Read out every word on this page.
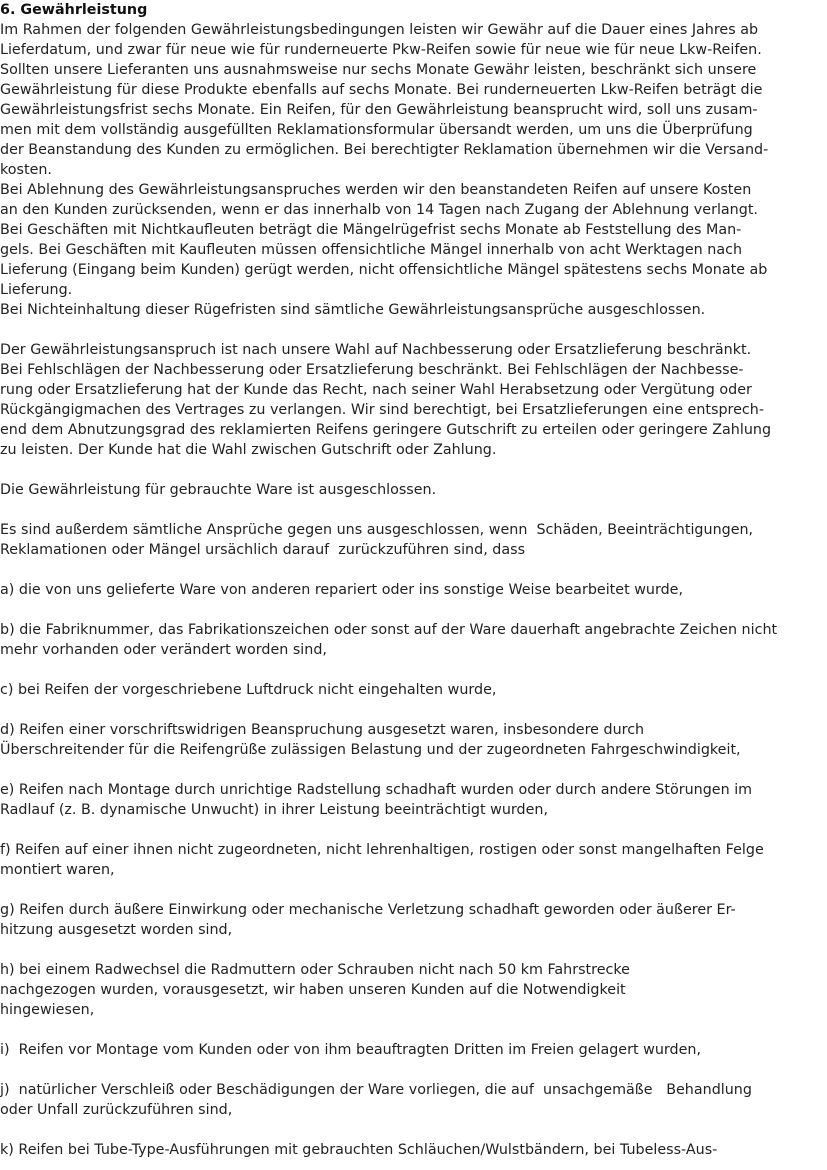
6. Gewährleistung
Im Rahmen der folgenden Gewährleistungsbedingungen leisten wir Gewähr auf die Dauer eines Jahres ab
Lieferdatum, und zwar für neue wie für runderneuerte Pkw-Reifen sowie für neue wie für neue Lkw-Reifen.
Sollten unsere Lieferanten uns ausnahmsweise nur sechs Monate Gewähr leisten, beschränkt sich unsere
Gewährleistung für diese Produkte ebenfalls auf sechs Monate. Bei runderneuerten Lkw-Reifen beträgt die
Gewährleistungsfrist sechs Monate. Ein Reifen, für den Gewährleistung beansprucht wird, soll uns zusam-
men mit dem vollständig ausgefüllten Reklamationsformular übersandt werden, um uns die Überprüfung
der Beanstandung des Kunden zu ermöglichen. Bei berechtigter Reklamation übernehmen wir die Versand-
kosten.
Bei Ablehnung des Gewährleistungsanspruches werden wir den beanstandeten Reifen auf unsere Kosten
an den Kunden zurücksenden, wenn er das innerhalb von 14 Tagen nach Zugang der Ablehnung verlangt.
Bei Geschäften mit Nichtkaufleuten beträgt die Mängelrügefrist sechs Monate ab Feststellung des Man-
gels. Bei Geschäften mit Kaufleuten müssen offensichtliche Mängel innerhalb von acht Werktagen nach
Lieferung (Eingang beim Kunden) gerügt werden, nicht offensichtliche Mängel spätestens sechs Monate ab
Lieferung.
Bei Nichteinhaltung dieser Rügefristen sind sämtliche Gewährleistungsansprüche ausgeschlossen.
Der Gewährleistungsanspruch ist nach unsere Wahl auf Nachbesserung oder Ersatzlieferung beschränkt.
Bei Fehlschlägen der Nachbesserung oder Ersatzlieferung beschränkt. Bei Fehlschlägen der Nachbesse-
rung oder Ersatzlieferung hat der Kunde das Recht, nach seiner Wahl Herabsetzung oder Vergütung oder
Rückgängigmachen des Vertrages zu verlangen. Wir sind berechtigt, bei Ersatzlieferungen eine entsprech-
end dem Abnutzungsgrad des reklamierten Reifens geringere Gutschrift zu erteilen oder geringere Zahlung
zu leisten. Der Kunde hat die Wahl zwischen Gutschrift oder Zahlung.
Die Gewährleistung für gebrauchte Ware ist ausgeschlossen.
Es sind außerdem sämtliche Ansprüche gegen uns ausgeschlossen, wenn  Schäden, Beeinträchtigungen,
Reklamationen oder Mängel ursächlich darauf  zurückzuführen sind, dass
a) die von uns gelieferte Ware von anderen repariert oder ins sonstige Weise bearbeitet wurde,
b) die Fabriknummer, das Fabrikationszeichen oder sonst auf der Ware dauerhaft angebrachte Zeichen nicht
mehr vorhanden oder verändert worden sind,
c) bei Reifen der vorgeschriebene Luftdruck nicht eingehalten wurde,
d) Reifen einer vorschriftswidrigen Beanspruchung ausgesetzt waren, insbesondere durch
Überschreitender für die Reifengrüße zulässigen Belastung und der zugeordneten Fahrgeschwindigkeit,
e) Reifen nach Montage durch unrichtige Radstellung schadhaft wurden oder durch andere Störungen im
Radlauf (z. B. dynamische Unwucht) in ihrer Leistung beeinträchtigt wurden,
f) Reifen auf einer ihnen nicht zugeordneten, nicht lehrenhaltigen, rostigen oder sonst mangelhaften Felge
montiert waren,
g) Reifen durch äußere Einwirkung oder mechanische Verletzung schadhaft geworden oder äußerer Er-
hitzung ausgesetzt worden sind,
h) bei einem Radwechsel die Radmuttern oder Schrauben nicht nach 50 km Fahrstrecke
nachgezogen wurden, vorausgesetzt, wir haben unseren Kunden auf die Notwendigkeit
hingewiesen,
i)  Reifen vor Montage vom Kunden oder von ihm beauftragten Dritten im Freien gelagert wurden,
j)  natürlicher Verschleiß oder Beschädigungen der Ware vorliegen, die auf  unsachgemäße   Behandlung
oder Unfall zurückzuführen sind,
k) Reifen bei Tube-Type-Ausführungen mit gebrauchten Schläuchen/Wulstbändern, bei Tubeless-Aus-
